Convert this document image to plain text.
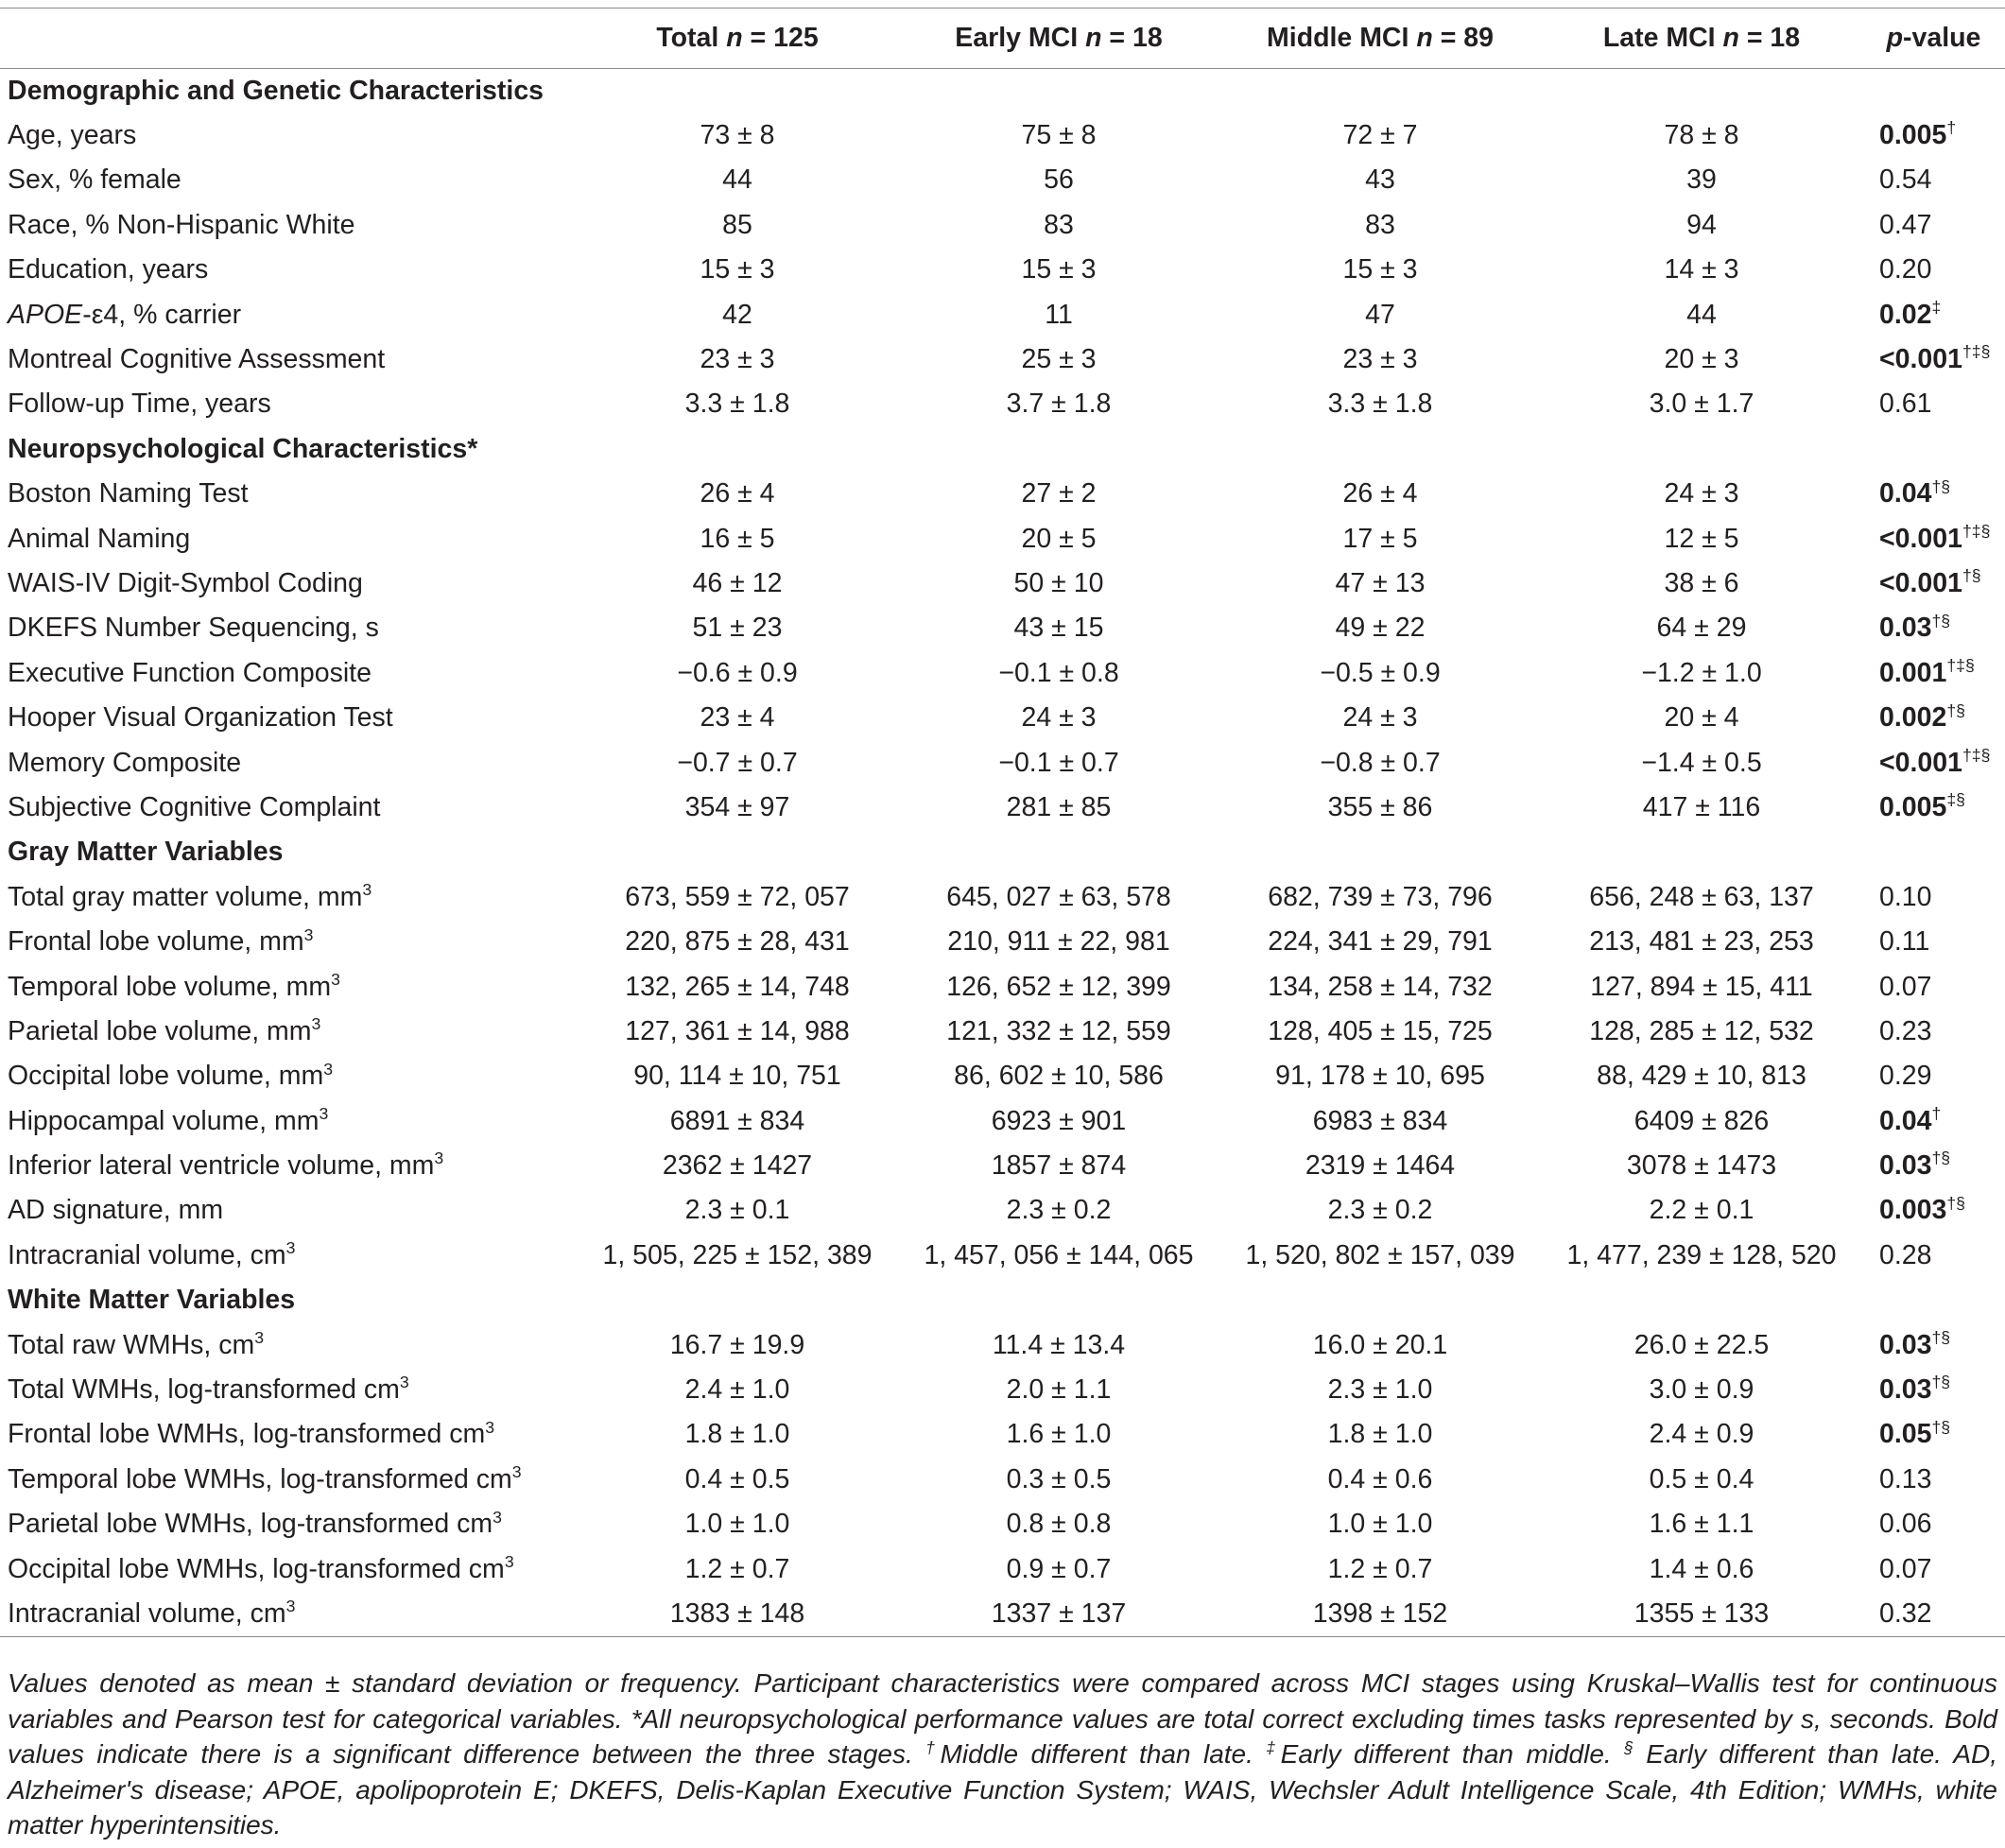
	Total n = 125	Early MCI n = 18	Middle MCI n = 89	Late MCI n = 18	p-value
Demographic and Genetic Characteristics					
Age, years	73 ± 8	75 ± 8	72 ± 7	78 ± 8	0.005†
Sex, % female	44	56	43	39	0.54
Race, % Non-Hispanic White	85	83	83	94	0.47
Education, years	15 ± 3	15 ± 3	15 ± 3	14 ± 3	0.20
APOE-ε4, % carrier	42	11	47	44	0.02‡
Montreal Cognitive Assessment	23 ± 3	25 ± 3	23 ± 3	20 ± 3	<0.001†‡§
Follow-up Time, years	3.3 ± 1.8	3.7 ± 1.8	3.3 ± 1.8	3.0 ± 1.7	0.61
Neuropsychological Characteristics*					
Boston Naming Test	26 ± 4	27 ± 2	26 ± 4	24 ± 3	0.04†§
Animal Naming	16 ± 5	20 ± 5	17 ± 5	12 ± 5	<0.001†‡§
WAIS-IV Digit-Symbol Coding	46 ± 12	50 ± 10	47 ± 13	38 ± 6	<0.001†§
DKEFS Number Sequencing, s	51 ± 23	43 ± 15	49 ± 22	64 ± 29	0.03†§
Executive Function Composite	−0.6 ± 0.9	−0.1 ± 0.8	−0.5 ± 0.9	−1.2 ± 1.0	0.001†‡§
Hooper Visual Organization Test	23 ± 4	24 ± 3	24 ± 3	20 ± 4	0.002†§
Memory Composite	−0.7 ± 0.7	−0.1 ± 0.7	−0.8 ± 0.7	−1.4 ± 0.5	<0.001†‡§
Subjective Cognitive Complaint	354 ± 97	281 ± 85	355 ± 86	417 ± 116	0.005‡§
Gray Matter Variables					
Total gray matter volume, $mm^3$	673, 559 ± 72, 057	645, 027 ± 63, 578	682, 739 ± 73, 796	656, 248 ± 63, 137	0.10
Frontal lobe volume, $mm^3$	220, 875 ± 28, 431	210, 911 ± 22, 981	224, 341 ± 29, 791	213, 481 ± 23, 253	0.11
Temporal lobe volume, $mm^3$	132, 265 ± 14, 748	126, 652 ± 12, 399	134, 258 ± 14, 732	127, 894 ± 15, 411	0.07
Parietal lobe volume, $mm^3$	127, 361 ± 14, 988	121, 332 ± 12, 559	128, 405 ± 15, 725	128, 285 ± 12, 532	0.23
Occipital lobe volume, $mm^3$	90, 114 ± 10, 751	86, 602 ± 10, 586	91, 178 ± 10, 695	88, 429 ± 10, 813	0.29
Hippocampal volume, $mm^3$	6891 ± 834	6923 ± 901	6983 ± 834	6409 ± 826	0.04†
Inferior lateral ventricle volume, $mm^3$	2362 ± 1427	1857 ± 874	2319 ± 1464	3078 ± 1473	0.03†§
AD signature, mm	2.3 ± 0.1	2.3 ± 0.2	2.3 ± 0.2	2.2 ± 0.1	0.003†§
Intracranial volume, $cm^3$	1, 505, 225 ± 152, 389	1, 457, 056 ± 144, 065	1, 520, 802 ± 157, 039	1, 477, 239 ± 128, 520	0.28
White Matter Variables					
Total raw WMHs, $cm^3$	16.7 ± 19.9	11.4 ± 13.4	16.0 ± 20.1	26.0 ± 22.5	0.03†§
Total WMHs, log-transformed $cm^3$	2.4 ± 1.0	2.0 ± 1.1	2.3 ± 1.0	3.0 ± 0.9	0.03†§
Frontal lobe WMHs, log-transformed $cm^3$	1.8 ± 1.0	1.6 ± 1.0	1.8 ± 1.0	2.4 ± 0.9	0.05†§
Temporal lobe WMHs, log-transformed $cm^3$	0.4 ± 0.5	0.3 ± 0.5	0.4 ± 0.6	0.5 ± 0.4	0.13
Parietal lobe WMHs, log-transformed $cm^3$	1.0 ± 1.0	0.8 ± 0.8	1.0 ± 1.0	1.6 ± 1.1	0.06
Occipital lobe WMHs, log-transformed $cm^3$	1.2 ± 0.7	0.9 ± 0.7	1.2 ± 0.7	1.4 ± 0.6	0.07
Intracranial volume, $cm^3$	1383 ± 148	1337 ± 137	1398 ± 152	1355 ± 133	0.32
Values denoted as mean ± standard deviation or frequency. Participant characteristics were compared across MCI stages using Kruskal–Wallis test for continuous variables and Pearson test for categorical variables. *All neuropsychological performance values are total correct excluding times tasks represented by s, seconds. Bold values indicate there is a significant difference between the three stages. †Middle different than late. ‡Early different than middle. § Early different than late. AD, Alzheimer's disease; APOE, apolipoprotein E; DKEFS, Delis-Kaplan Executive Function System; WAIS, Wechsler Adult Intelligence Scale, 4th Edition; WMHs, white matter hyperintensities.
